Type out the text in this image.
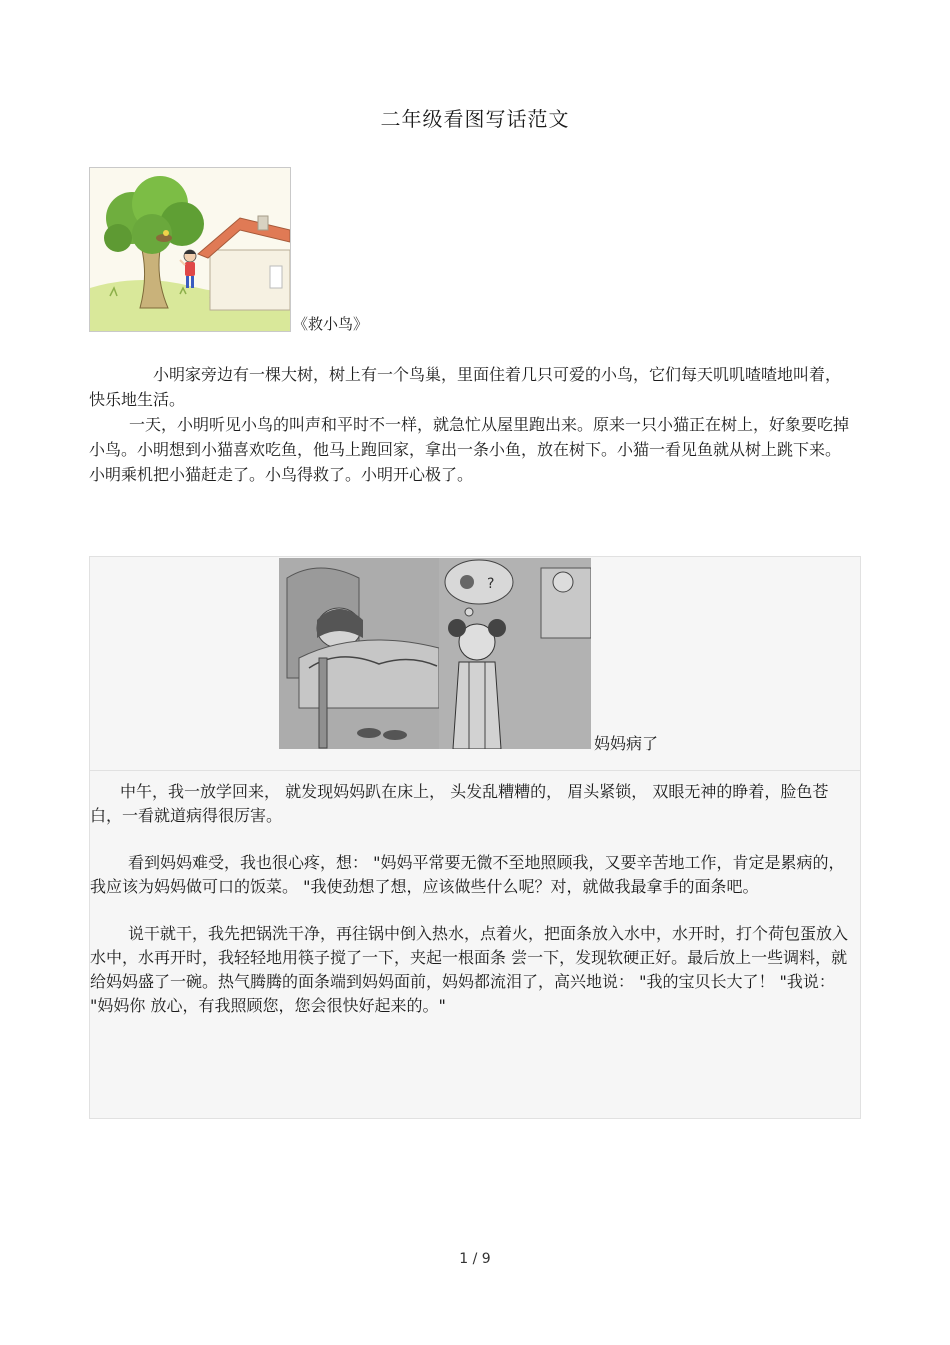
二年级看图写话范文
《救小鸟》

小明家旁边有一棵大树，树上有一个鸟巢，里面住着几只可爱的小鸟，它们每天叽叽喳喳地叫着，快乐地生活。

一天，小明听见小鸟的叫声和平时不一样，就急忙从屋里跑出来。原来一只小猫正在树上，好象要吃掉小鸟。小明想到小猫喜欢吃鱼，他马上跑回家，拿出一条小鱼，放在树下。小猫一看见鱼就从树上跳下来。小明乘机把小猫赶走了。小鸟得救了。小明开心极了。

?
妈妈病了

中午，我一放学回来， 就发现妈妈趴在床上， 头发乱糟糟的， 眉头紧锁， 双眼无神的睁着，脸色苍白，一看就道病得很厉害。

看到妈妈难受，我也很心疼，想： "妈妈平常要无微不至地照顾我，又要辛苦地工作，肯定是累病的，我应该为妈妈做可口的饭菜。 "我使劲想了想，应该做些什么呢？对，就做我最拿手的面条吧。

说干就干，我先把锅洗干净，再往锅中倒入热水，点着火，把面条放入水中，水开时，打个荷包蛋放入水中，水再开时，我轻轻地用筷子搅了一下，夹起一根面条 尝一下，发现软硬正好。最后放上一些调料，就给妈妈盛了一碗。热气腾腾的面条端到妈妈面前，妈妈都流泪了，高兴地说： "我的宝贝长大了！ "我说： "妈妈你 放心，有我照顾您，您会很快好起来的。"

1 / 9
